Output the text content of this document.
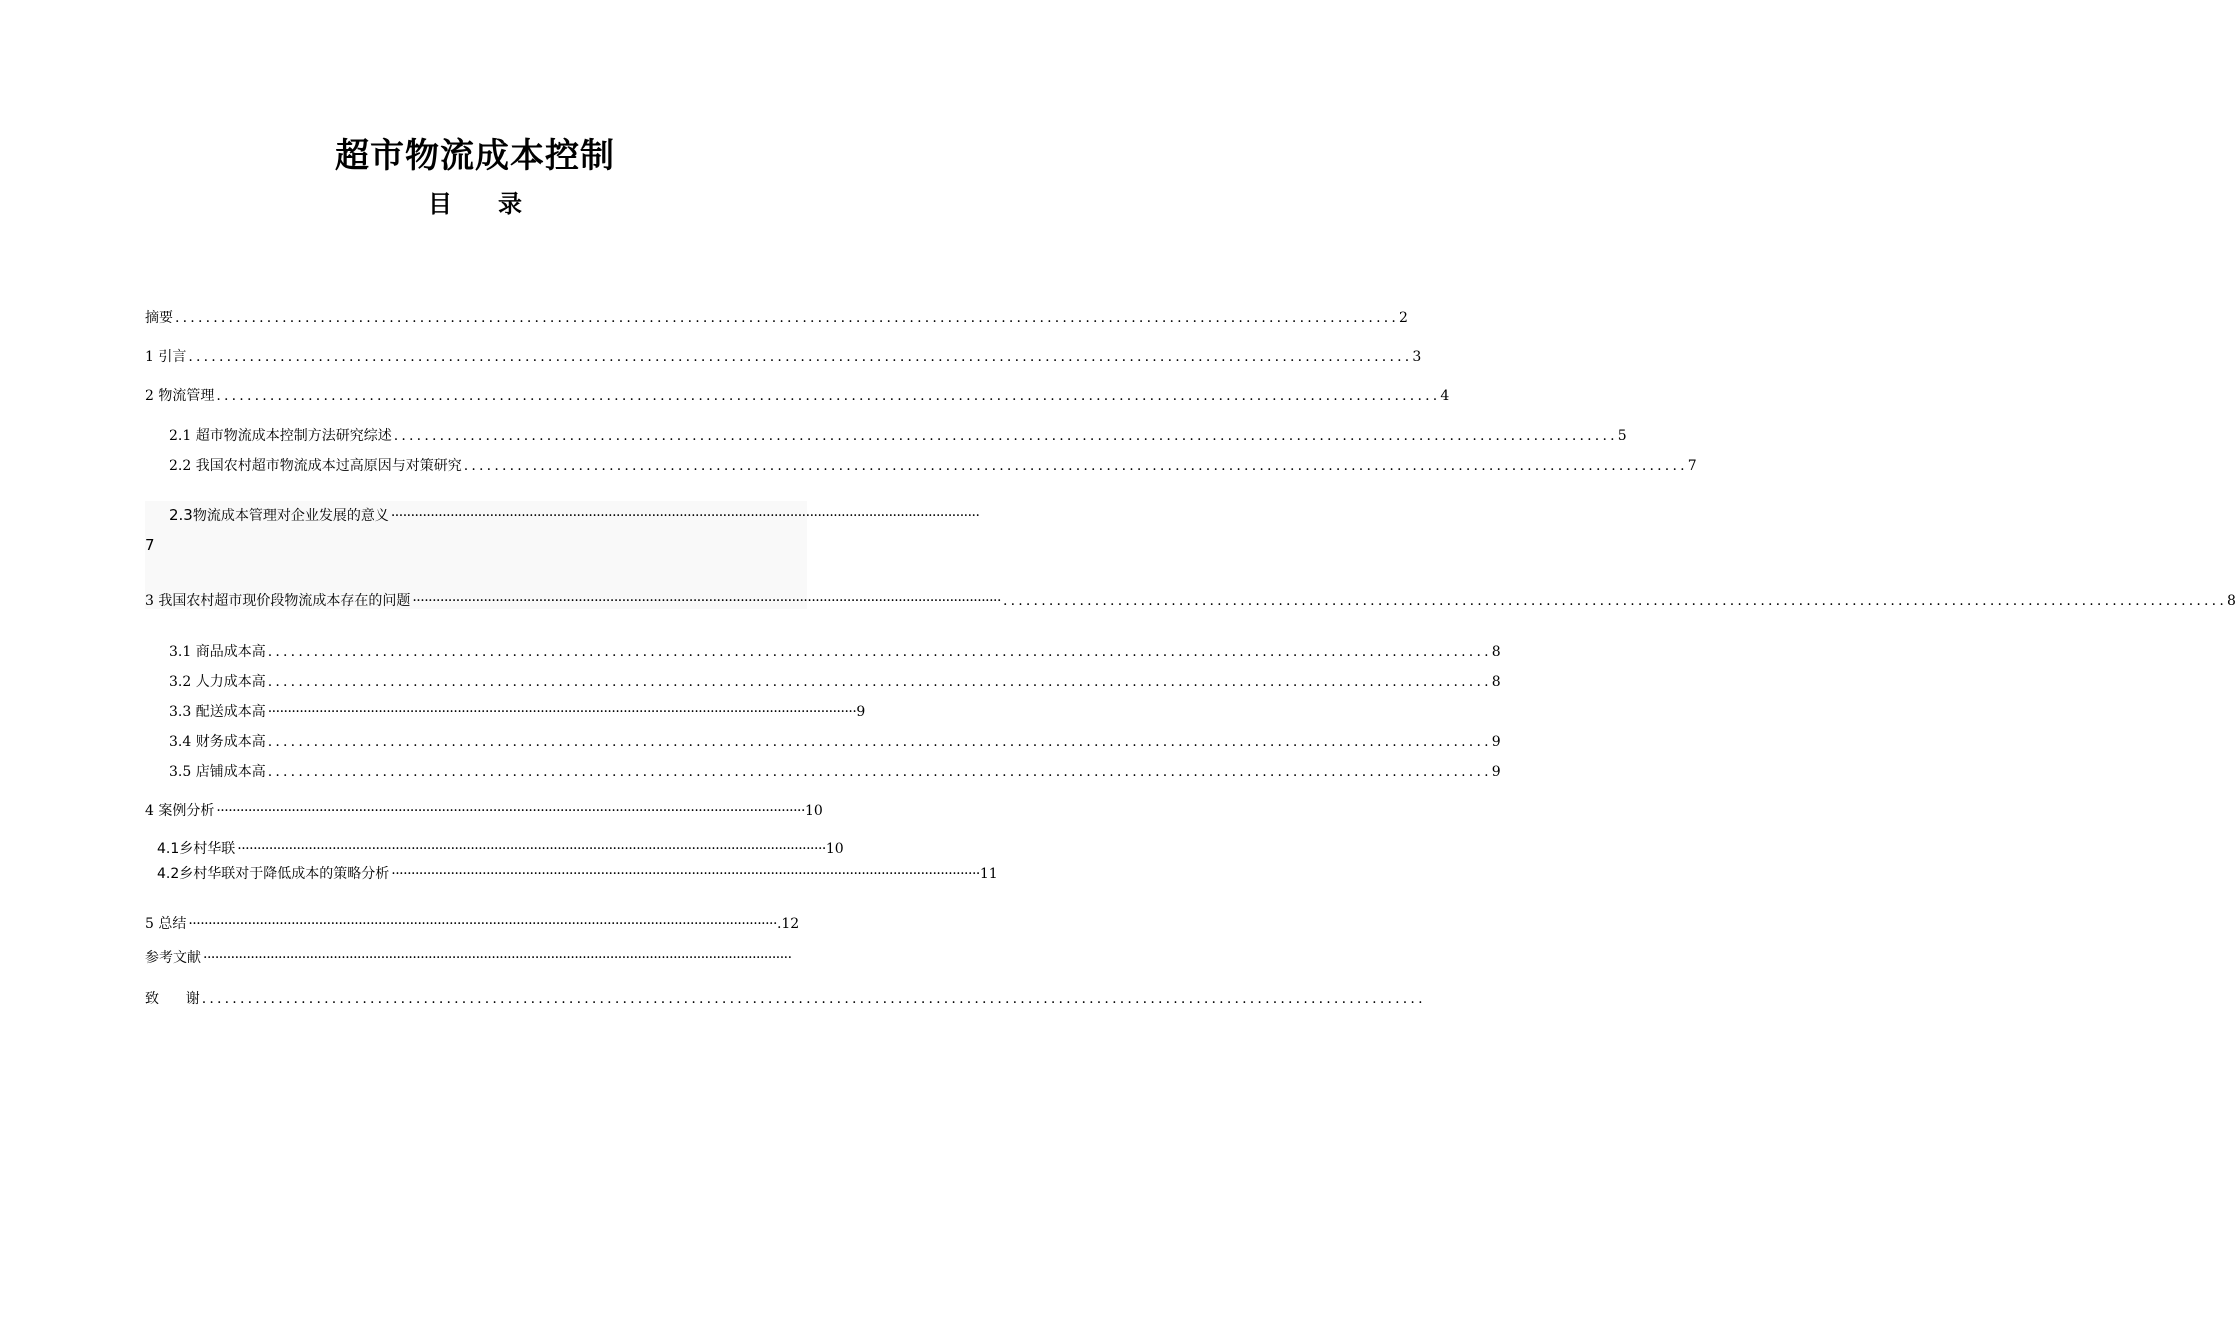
超市物流成本控制
目 录
摘要 ................................................................................................................................................................ 2
1 引言 ................................................................................................................................................................ 3
2 物流管理 ................................................................................................................................................................ 4
2.1 超市物流成本控制方法研究综述 ................................................................................................................................................................ 5
2.2 我国农村超市物流成本过高原因与对策研究 ................................................................................................................................................................ 7
2.3 物流成本管理对企业发展的意义 ·····················································································································································
7
3 我国农村超市现价段物流成本存在的问题 ····················································································································································· ................................................................................................................................................................ 8
3.1 商品成本高 ................................................................................................................................................................ 8
3.2 人力成本高 ................................................................................................................................................................ 8
3.3 配送成本高 ····················································································································································· 9
3.4 财务成本高 ................................................................................................................................................................ 9
3.5 店铺成本高 ................................................................................................................................................................ 9
4 案例分析 ····················································································································································· 10
4.1 乡村华联 ····················································································································································· 10
4.2 乡村华联对于降低成本的策略分析 ····················································································································································· 11
5 总结 ····················································································································································· .12
参考文献 ·····················································································································································
致      谢 ................................................................................................................................................................
